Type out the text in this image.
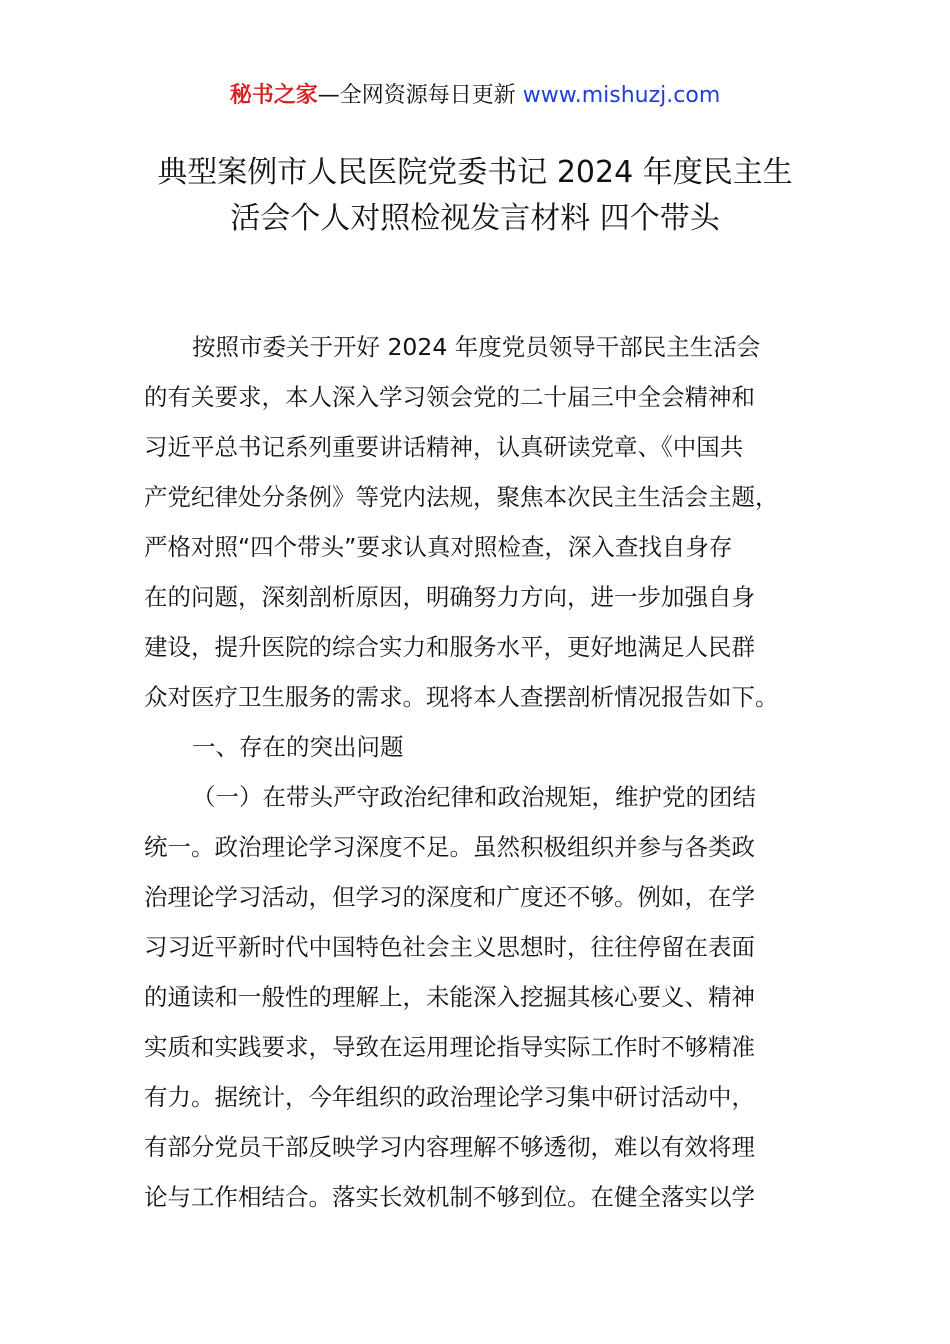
秘书之家—全网资源每日更新 www.mishuzj.com
典型案例市人民医院党委书记 2024 年度民主生
活会个人对照检视发言材料 四个带头
按照市委关于开好 2024 年度党员领导干部民主生活会
的有关要求，本人深入学习领会党的二十届三中全会精神和
习近平总书记系列重要讲话精神，认真研读党章、《中国共
产党纪律处分条例》等党内法规，聚焦本次民主生活会主题，
严格对照“四个带头”要求认真对照检查，深入查找自身存
在的问题，深刻剖析原因，明确努力方向，进一步加强自身
建设，提升医院的综合实力和服务水平，更好地满足人民群
众对医疗卫生服务的需求。现将本人查摆剖析情况报告如下。
一、存在的突出问题
（一）在带头严守政治纪律和政治规矩，维护党的团结
统一。政治理论学习深度不足。虽然积极组织并参与各类政
治理论学习活动，但学习的深度和广度还不够。例如，在学
习习近平新时代中国特色社会主义思想时，往往停留在表面
的通读和一般性的理解上，未能深入挖掘其核心要义、精神
实质和实践要求，导致在运用理论指导实际工作时不够精准
有力。据统计，今年组织的政治理论学习集中研讨活动中，
有部分党员干部反映学习内容理解不够透彻，难以有效将理
论与工作相结合。落实长效机制不够到位。在健全落实以学
